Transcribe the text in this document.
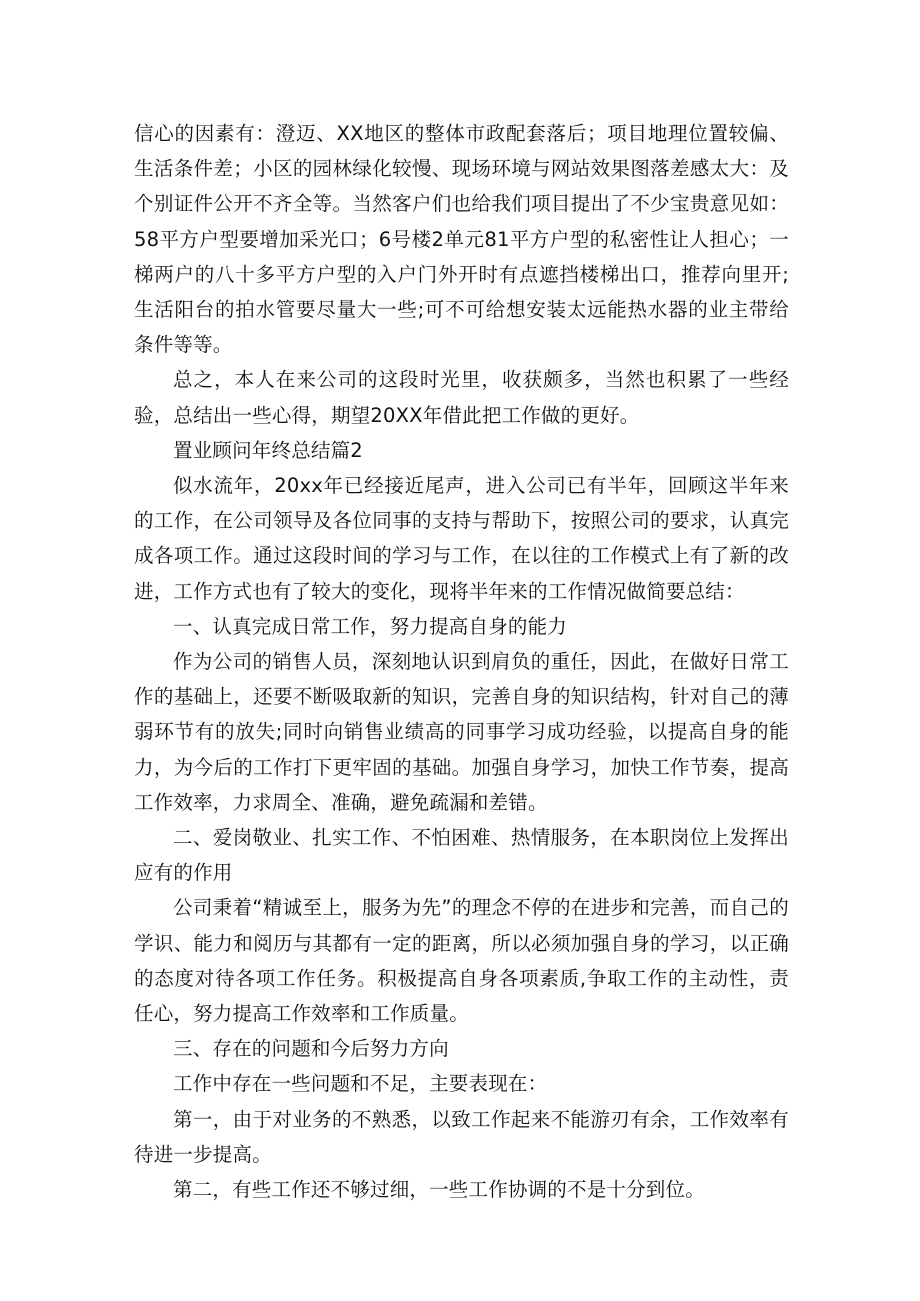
信心的因素有：澄迈、XX地区的整体市政配套落后；项目地理位置较偏、生活条件差；小区的园林绿化较慢、现场环境与网站效果图落差感太大：及个别证件公开不齐全等。当然客户们也给我们项目提出了不少宝贵意见如：58平方户型要增加采光口；6号楼2单元81平方户型的私密性让人担心；一梯两户的八十多平方户型的入户门外开时有点遮挡楼梯出口，推荐向里开;生活阳台的拍水管要尽量大一些;可不可给想安装太远能热水器的业主带给条件等等。

总之，本人在来公司的这段时光里，收获颇多，当然也积累了一些经验，总结出一些心得，期望20XX年借此把工作做的更好。

置业顾问年终总结篇2

似水流年，20xx年已经接近尾声，进入公司已有半年，回顾这半年来的工作，在公司领导及各位同事的支持与帮助下，按照公司的要求，认真完成各项工作。通过这段时间的学习与工作，在以往的工作模式上有了新的改进，工作方式也有了较大的变化，现将半年来的工作情况做简要总结：

一、认真完成日常工作，努力提高自身的能力

作为公司的销售人员，深刻地认识到肩负的重任，因此，在做好日常工作的基础上，还要不断吸取新的知识，完善自身的知识结构，针对自己的薄弱环节有的放失;同时向销售业绩高的同事学习成功经验，以提高自身的能力，为今后的工作打下更牢固的基础。加强自身学习，加快工作节奏，提高工作效率，力求周全、准确，避免疏漏和差错。

二、爱岗敬业、扎实工作、不怕困难、热情服务，在本职岗位上发挥出应有的作用

公司秉着“精诚至上，服务为先”的理念不停的在进步和完善，而自己的学识、能力和阅历与其都有一定的距离，所以必须加强自身的学习，以正确的态度对待各项工作任务。积极提高自身各项素质,争取工作的主动性，责任心，努力提高工作效率和工作质量。

三、存在的问题和今后努力方向

工作中存在一些问题和不足，主要表现在：

第一，由于对业务的不熟悉，以致工作起来不能游刃有余，工作效率有待进一步提高。

第二，有些工作还不够过细，一些工作协调的不是十分到位。
